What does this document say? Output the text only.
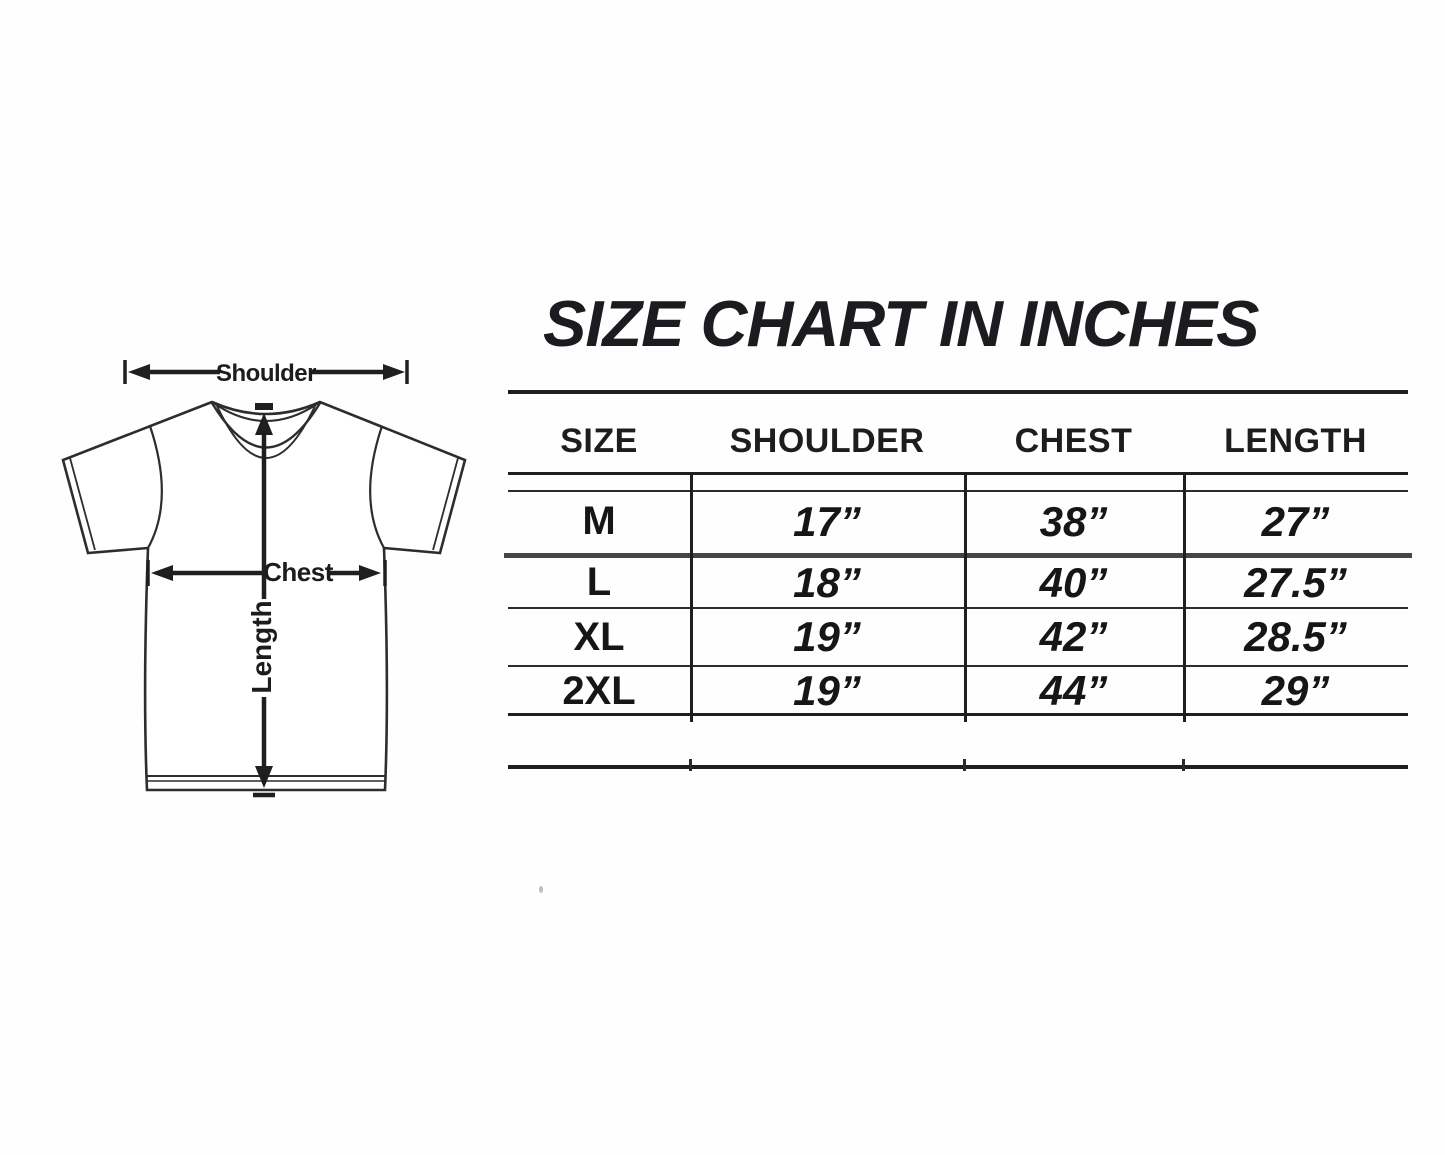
SIZE CHART IN INCHES
Shoulder
Length
Chest
SIZE	SHOULDER	CHEST	LENGTH
M	17”	38”	27”
L	18”	40”	27.5”
XL	19”	42”	28.5”
2XL	19”	44”	29”
